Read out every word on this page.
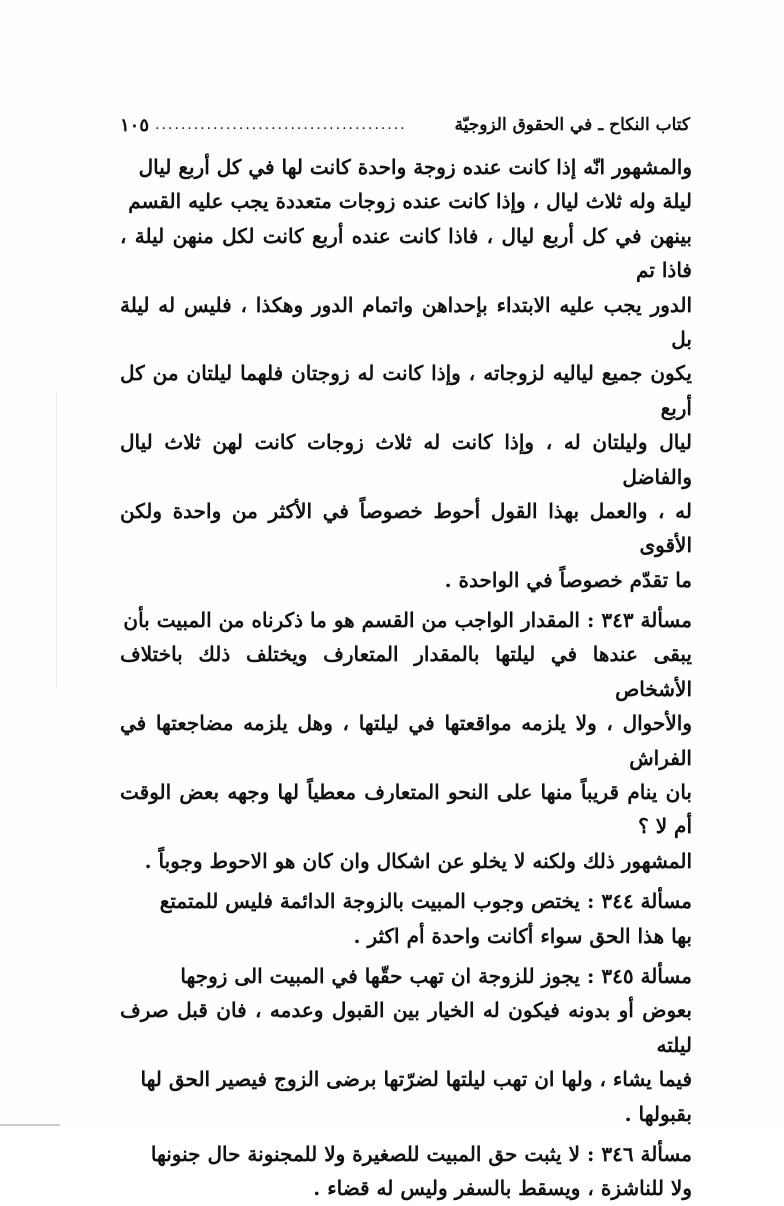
كتاب النكاح ـ في الحقوق الزوجيّة
.......................................
١٠٥

والمشهور انّه إذا كانت عنده زوجة واحدة كانت لها في كل أربع ليال
ليلة وله ثلاث ليال ، وإذا كانت عنده زوجات متعددة يجب عليه القسم
بينهن في كل أربع ليال ، فاذا كانت عنده أربع كانت لكل منهن ليلة ، فاذا تم
الدور يجب عليه الابتداء بإحداهن واتمام الدور وهكذا ، فليس له ليلة بل
يكون جميع لياليه لزوجاته ، وإذا كانت له زوجتان فلهما ليلتان من كل أربع
ليال وليلتان له ، وإذا كانت له ثلاث زوجات كانت لهن ثلاث ليال والفاضل
له ، والعمل بهذا القول أحوط خصوصاً في الأكثر من واحدة ولكن الأقوى
ما تقدّم خصوصاً في الواحدة .

مسألة ٣٤٣ : المقدار الواجب من القسم هو ما ذكرناه من المبيت بأن
يبقى عندها في ليلتها بالمقدار المتعارف ويختلف ذلك باختلاف الأشخاص
والأحوال ، ولا يلزمه مواقعتها في ليلتها ، وهل يلزمه مضاجعتها في الفراش
بان ينام قريباً منها على النحو المتعارف معطياً لها وجهه بعض الوقت أم لا ؟
المشهور ذلك ولكنه لا يخلو عن اشكال وان كان هو الاحوط وجوباً .

مسألة ٣٤٤ : يختص وجوب المبيت بالزوجة الدائمة فليس للمتمتع
بها هذا الحق سواء أكانت واحدة أم اكثر .

مسألة ٣٤٥ : يجوز للزوجة ان تهب حقّها في المبيت الى زوجها
بعوض أو بدونه فيكون له الخيار بين القبول وعدمه ، فان قبل صرف ليلته
فيما يشاء ، ولها ان تهب ليلتها لضرّتها برضى الزوج فيصير الحق لها
بقبولها .

مسألة ٣٤٦ : لا يثبت حق المبيت للصغيرة ولا للمجنونة حال جنونها
ولا للناشزة ، ويسقط بالسفر وليس له قضاء .
